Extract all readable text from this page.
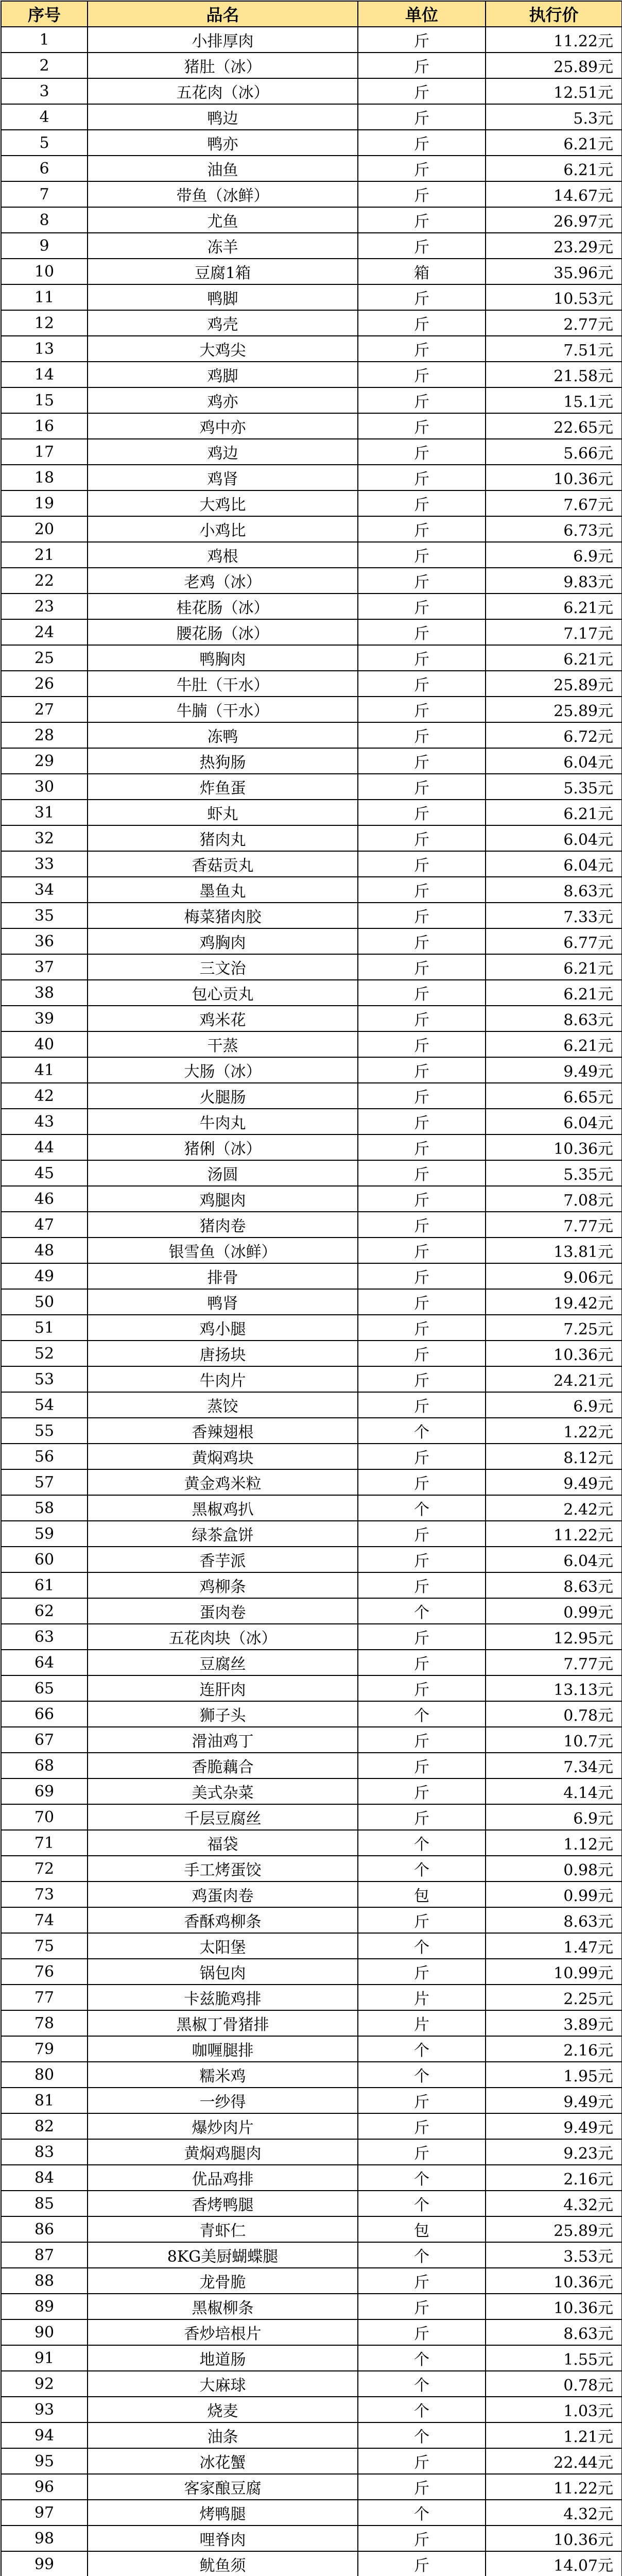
序号	品名	单位	执行价
1	小排厚肉	斤	11.22元
2	猪肚（冰）	斤	25.89元
3	五花肉（冰）	斤	12.51元
4	鸭边	斤	5.3元
5	鸭亦	斤	6.21元
6	油鱼	斤	6.21元
7	带鱼（冰鲜）	斤	14.67元
8	尤鱼	斤	26.97元
9	冻羊	斤	23.29元
10	豆腐1箱	箱	35.96元
11	鸭脚	斤	10.53元
12	鸡壳	斤	2.77元
13	大鸡尖	斤	7.51元
14	鸡脚	斤	21.58元
15	鸡亦	斤	15.1元
16	鸡中亦	斤	22.65元
17	鸡边	斤	5.66元
18	鸡肾	斤	10.36元
19	大鸡比	斤	7.67元
20	小鸡比	斤	6.73元
21	鸡根	斤	6.9元
22	老鸡（冰）	斤	9.83元
23	桂花肠（冰）	斤	6.21元
24	腰花肠（冰）	斤	7.17元
25	鸭胸肉	斤	6.21元
26	牛肚（干水）	斤	25.89元
27	牛腩（干水）	斤	25.89元
28	冻鸭	斤	6.72元
29	热狗肠	斤	6.04元
30	炸鱼蛋	斤	5.35元
31	虾丸	斤	6.21元
32	猪肉丸	斤	6.04元
33	香菇贡丸	斤	6.04元
34	墨鱼丸	斤	8.63元
35	梅菜猪肉胶	斤	7.33元
36	鸡胸肉	斤	6.77元
37	三文治	斤	6.21元
38	包心贡丸	斤	6.21元
39	鸡米花	斤	8.63元
40	干蒸	斤	6.21元
41	大肠（冰）	斤	9.49元
42	火腿肠	斤	6.65元
43	牛肉丸	斤	6.04元
44	猪俐（冰）	斤	10.36元
45	汤圆	斤	5.35元
46	鸡腿肉	斤	7.08元
47	猪肉卷	斤	7.77元
48	银雪鱼（冰鲜）	斤	13.81元
49	排骨	斤	9.06元
50	鸭肾	斤	19.42元
51	鸡小腿	斤	7.25元
52	唐扬块	斤	10.36元
53	牛肉片	斤	24.21元
54	蒸饺	斤	6.9元
55	香辣翅根	个	1.22元
56	黄焖鸡块	斤	8.12元
57	黄金鸡米粒	斤	9.49元
58	黑椒鸡扒	个	2.42元
59	绿茶盒饼	斤	11.22元
60	香芋派	斤	6.04元
61	鸡柳条	斤	8.63元
62	蛋肉卷	个	0.99元
63	五花肉块（冰）	斤	12.95元
64	豆腐丝	斤	7.77元
65	连肝肉	斤	13.13元
66	狮子头	个	0.78元
67	滑油鸡丁	斤	10.7元
68	香脆藕合	斤	7.34元
69	美式杂菜	斤	4.14元
70	千层豆腐丝	斤	6.9元
71	福袋	个	1.12元
72	手工烤蛋饺	个	0.98元
73	鸡蛋肉卷	包	0.99元
74	香酥鸡柳条	斤	8.63元
75	太阳堡	个	1.47元
76	锅包肉	斤	10.99元
77	卡兹脆鸡排	片	2.25元
78	黑椒丁骨猪排	片	3.89元
79	咖喱腿排	个	2.16元
80	糯米鸡	个	1.95元
81	一纱得	斤	9.49元
82	爆炒肉片	斤	9.49元
83	黄焖鸡腿肉	斤	9.23元
84	优品鸡排	个	2.16元
85	香烤鸭腿	个	4.32元
86	青虾仁	包	25.89元
87	8KG美厨蝴蝶腿	个	3.53元
88	龙骨脆	斤	10.36元
89	黑椒柳条	斤	10.36元
90	香炒培根片	斤	8.63元
91	地道肠	个	1.55元
92	大麻球	个	0.78元
93	烧麦	个	1.03元
94	油条	个	1.21元
95	冰花蟹	斤	22.44元
96	客家酿豆腐	斤	11.22元
97	烤鸭腿	个	4.32元
98	哩脊肉	斤	10.36元
99	鱿鱼须	斤	14.07元
